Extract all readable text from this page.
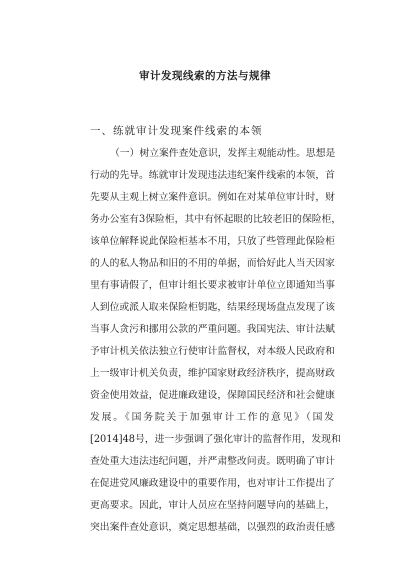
审计发现线索的方法与规律
一、练就审计发现案件线索的本领
（一）树立案件查处意识，发挥主观能动性。思想是
行动的先导。练就审计发现违法违纪案件线索的本领，首
先要从主观上树立案件意识。例如在对某单位审计时，财
务办公室有3保险柜，其中有怀起眼的比较老旧的保险柜，
该单位解释说此保险柜基本不用，只放了些管理此保险柜
的人的私人物品和旧的不用的单据，而恰好此人当天因家
里有事请假了，但审计组长要求被审计单位立即通知当事
人到位或派人取来保险柜钥匙，结果经现场盘点发现了该
当事人贪污和挪用公款的严重问题。我国宪法、审计法赋
予审计机关依法独立行使审计监督权，对本级人民政府和
上一级审计机关负责，维护国家财政经济秩序，提高财政
资金使用效益，促进廉政建设，保障国民经济和社会健康
发展。《国务院关于加强审计工作的意见》（国发
[2014]48号，进一步强调了强化审计的监督作用，发现和
查处重大违法违纪问题，并严肃整改问责。既明确了审计
在促进党风廉政建设中的重要作用，也对审计工作提出了
更高要求。因此，审计人员应在坚持问题导向的基础上，
突出案件查处意识，奠定思想基础，以强烈的政治责任感
